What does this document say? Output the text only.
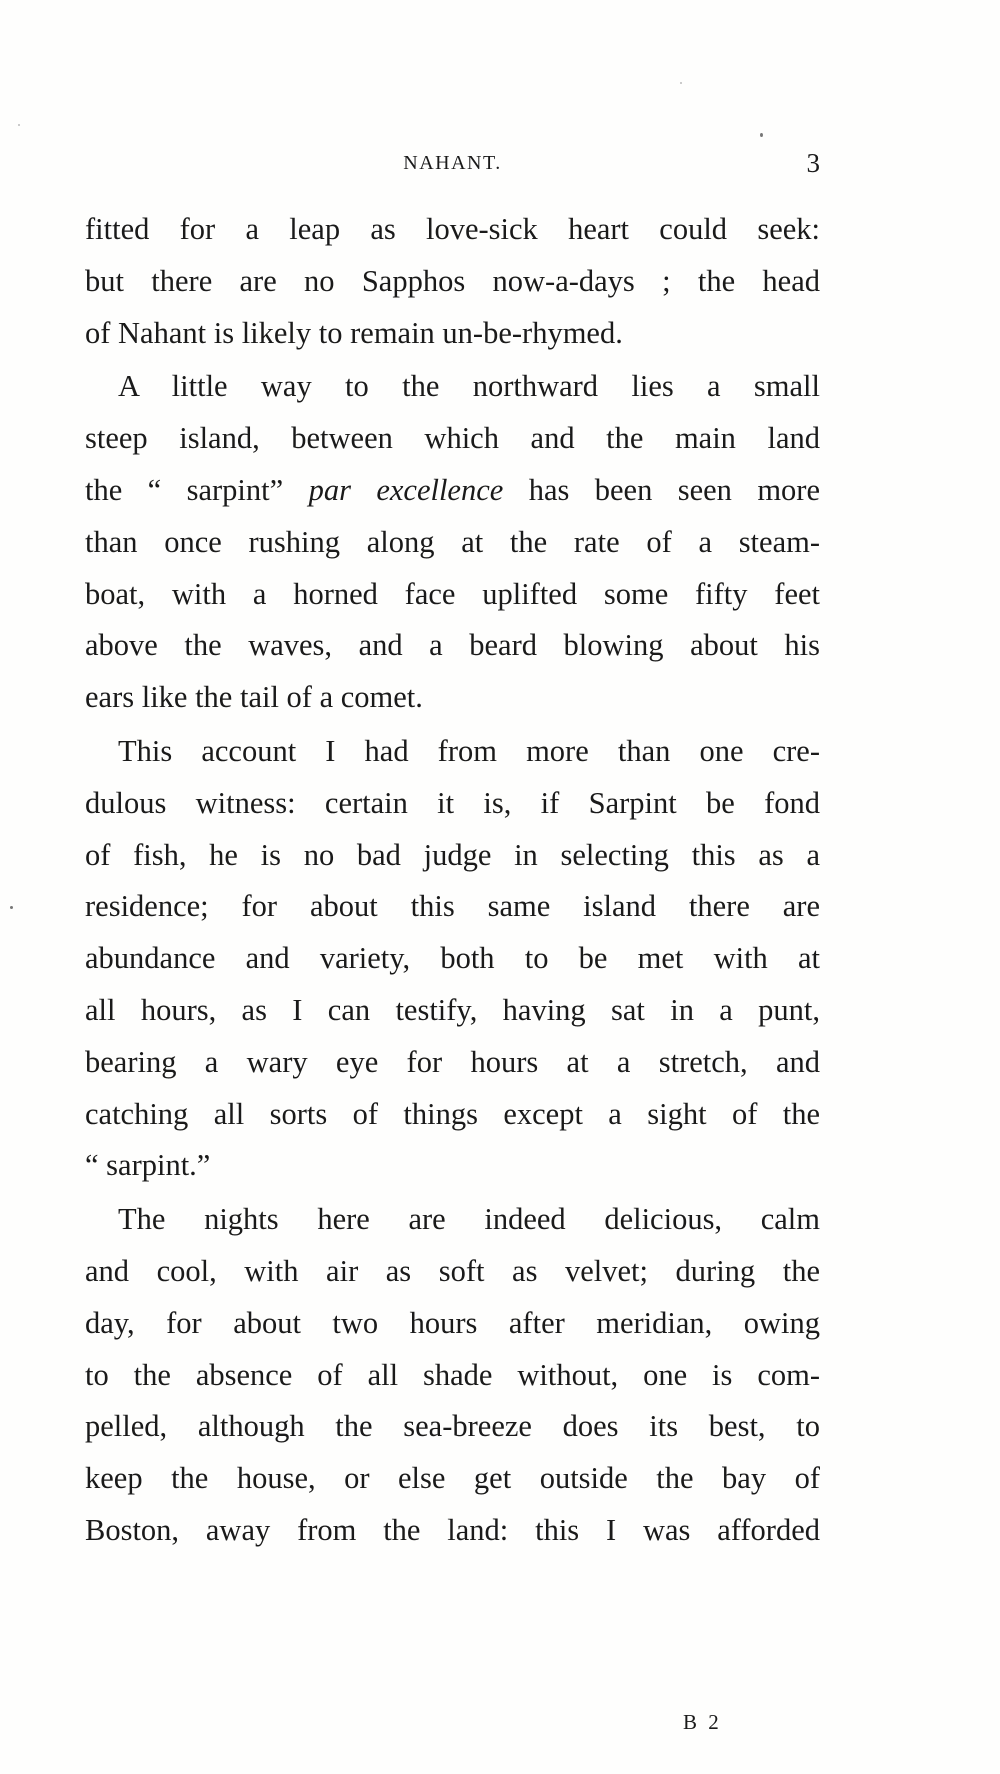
NAHANT.	3
fitted for a leap as love-sick heart could seek:
but there are no Sapphos now-a-days ; the head
of Nahant is likely to remain un-be-rhymed.
A little way to the northward lies a small
steep island, between which and the main land
the “ sarpint” par excellence has been seen more
than once rushing along at the rate of a steam-
boat, with a horned face uplifted some fifty feet
above the waves, and a beard blowing about his
ears like the tail of a comet.
This account I had from more than one cre-
dulous witness: certain it is, if Sarpint be fond
of fish, he is no bad judge in selecting this as a
residence; for about this same island there are
abundance and variety, both to be met with at
all hours, as I can testify, having sat in a punt,
bearing a wary eye for hours at a stretch, and
catching all sorts of things except a sight of the
“ sarpint.”
The nights here are indeed delicious, calm
and cool, with air as soft as velvet; during the
day, for about two hours after meridian, owing
to the absence of all shade without, one is com-
pelled, although the sea-breeze does its best, to
keep the house, or else get outside the bay of
Boston, away from the land: this I was afforded
B 2
